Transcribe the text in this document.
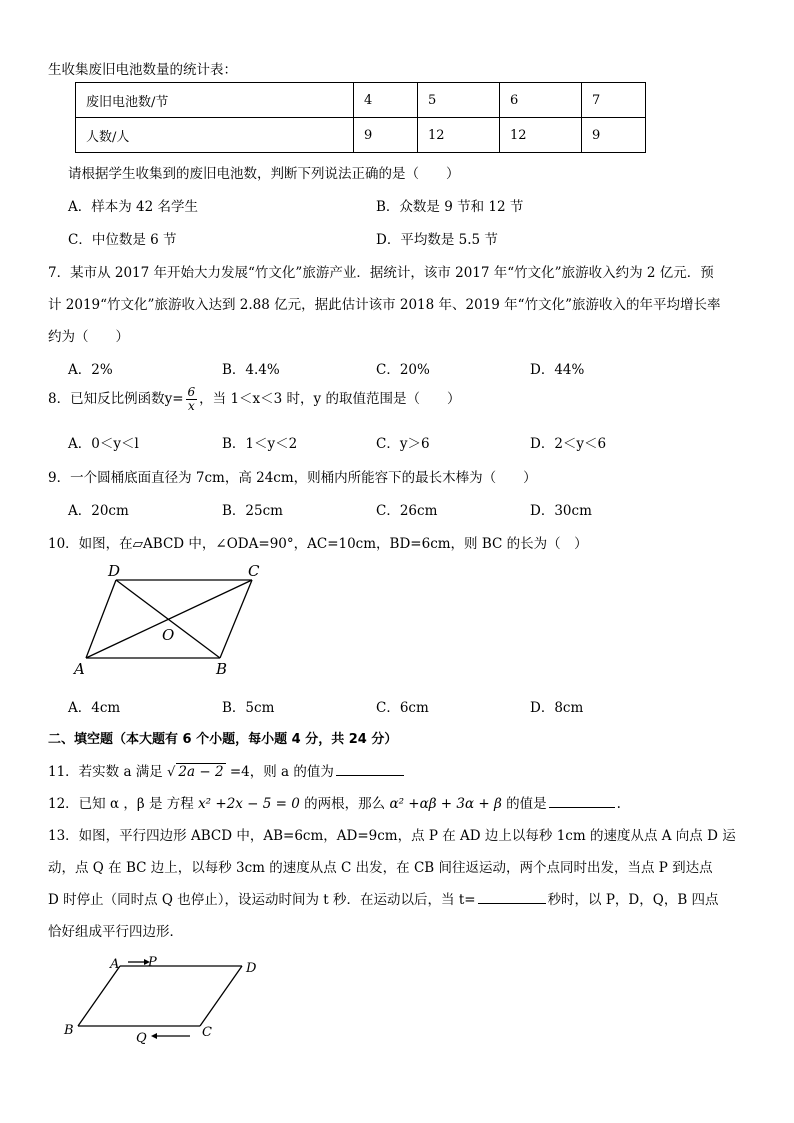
生收集废旧电池数量的统计表：
废旧电池数/节	4	5	6	7
人数/人	9	12	12	9
请根据学生收集到的废旧电池数，判断下列说法正确的是（　　）
A．样本为 42 名学生	B．众数是 9 节和 12 节
C．中位数是 6 节	D．平均数是 5.5 节
7．某市从 2017 年开始大力发展“竹文化”旅游产业．据统计，该市 2017 年“竹文化”旅游收入约为 2 亿元．预
计 2019“竹文化”旅游收入达到 2.88 亿元，据此估计该市 2018 年、2019 年“竹文化”旅游收入的年平均增长率
约为（　　）
A．2%	B．4.4%	C．20%	D．44%
8．已知反比例函数$y= \frac{6}{x}$ ，当 1＜x＜3 时，y 的取值范围是（　　）
A．0＜y＜l	B．1＜y＜2	C．y＞6	D．2＜y＜6
9．一个圆桶底面直径为 7cm，高 24cm，则桶内所能容下的最长木棒为（　　）
A．20cm	B．25cm	C．26cm	D．30cm
10．如图，在▱ABCD 中，∠ODA=90°，AC=10cm，BD=6cm，则 BC 的长为（　）
D	C
O
A	B
A．4cm	B．5cm	C．6cm	D．8cm
二、填空题（本大题有 6 个小题，每小题 4 分，共 24 分）
11．若实数 a 满足 √ 2a − 2 =4，则 a 的值为
12．已知 α ，β 是 方程 x² +2x − 5 = 0 的两根，那么 α² +αβ + 3α + β 的值是	.
13．如图，平行四边形 ABCD 中，AB=6cm，AD=9cm，点 P 在 AD 边上以每秒 1cm 的速度从点 A 向点 D 运
动，点 Q 在 BC 边上，以每秒 3cm 的速度从点 C 出发，在 CB 间往返运动，两个点同时出发，当点 P 到达点
D 时停止（同时点 Q 也停止），设运动时间为 t 秒．在运动以后，当 t=	秒时，以 P，D，Q，B 四点
恰好组成平行四边形．
A P	D
B
Q	C
